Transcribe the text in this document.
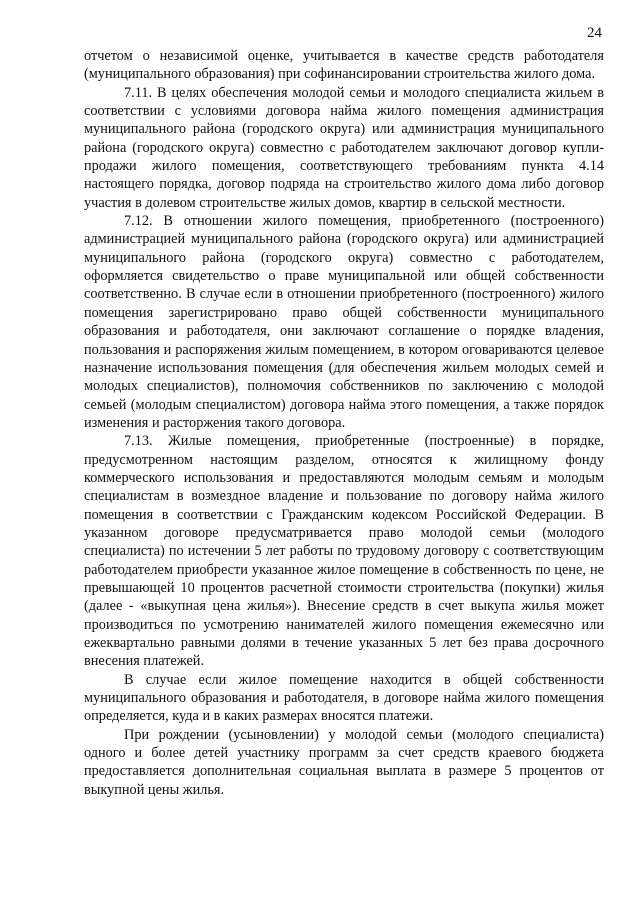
24

отчетом о независимой оценке, учитывается в качестве средств работодателя (муниципального образования) при софинансировании строительства жилого дома.

7.11. В целях обеспечения молодой семьи и молодого специалиста жильем в соответствии с условиями договора найма жилого помещения администрация муниципального района (городского округа) или администрация муниципального района (городского округа) совместно с работодателем заключают договор купли-продажи жилого помещения, соответствующего требованиям пункта 4.14 настоящего порядка, договор подряда на строительство жилого дома либо договор участия в долевом строительстве жилых домов, квартир в сельской местности.

7.12. В отношении жилого помещения, приобретенного (построенного) администрацией муниципального района (городского округа) или администрацией муниципального района (городского округа) совместно с работодателем, оформляется свидетельство о праве муниципальной или общей собственности соответственно. В случае если в отношении приобретенного (построенного) жилого помещения зарегистрировано право общей собственности муниципального образования и работодателя, они заключают соглашение о порядке владения, пользования и распоряжения жилым помещением, в котором оговариваются целевое назначение использования помещения (для обеспечения жильем молодых семей и молодых специалистов), полномочия собственников по заключению с молодой семьей (молодым специалистом) договора найма этого помещения, а также порядок изменения и расторжения такого договора.

7.13. Жилые помещения, приобретенные (построенные) в порядке, предусмотренном настоящим разделом, относятся к жилищному фонду коммерческого использования и предоставляются молодым семьям и молодым специалистам в возмездное владение и пользование по договору найма жилого помещения в соответствии с Гражданским кодексом Российской Федерации. В указанном договоре предусматривается право молодой семьи (молодого специалиста) по истечении 5 лет работы по трудовому договору с соответствующим работодателем приобрести указанное жилое помещение в собственность по цене, не превышающей 10 процентов расчетной стоимости строительства (покупки) жилья (далее - «выкупная цена жилья»). Внесение средств в счет выкупа жилья может производиться по усмотрению нанимателей жилого помещения ежемесячно или ежеквартально равными долями в течение указанных 5 лет без права досрочного внесения платежей.

В случае если жилое помещение находится в общей собственности муниципального образования и работодателя, в договоре найма жилого помещения определяется, куда и в каких размерах вносятся платежи.

При рождении (усыновлении) у молодой семьи (молодого специалиста) одного и более детей участнику программ за счет средств краевого бюджета предоставляется дополнительная социальная выплата в размере 5 процентов от выкупной цены жилья.
